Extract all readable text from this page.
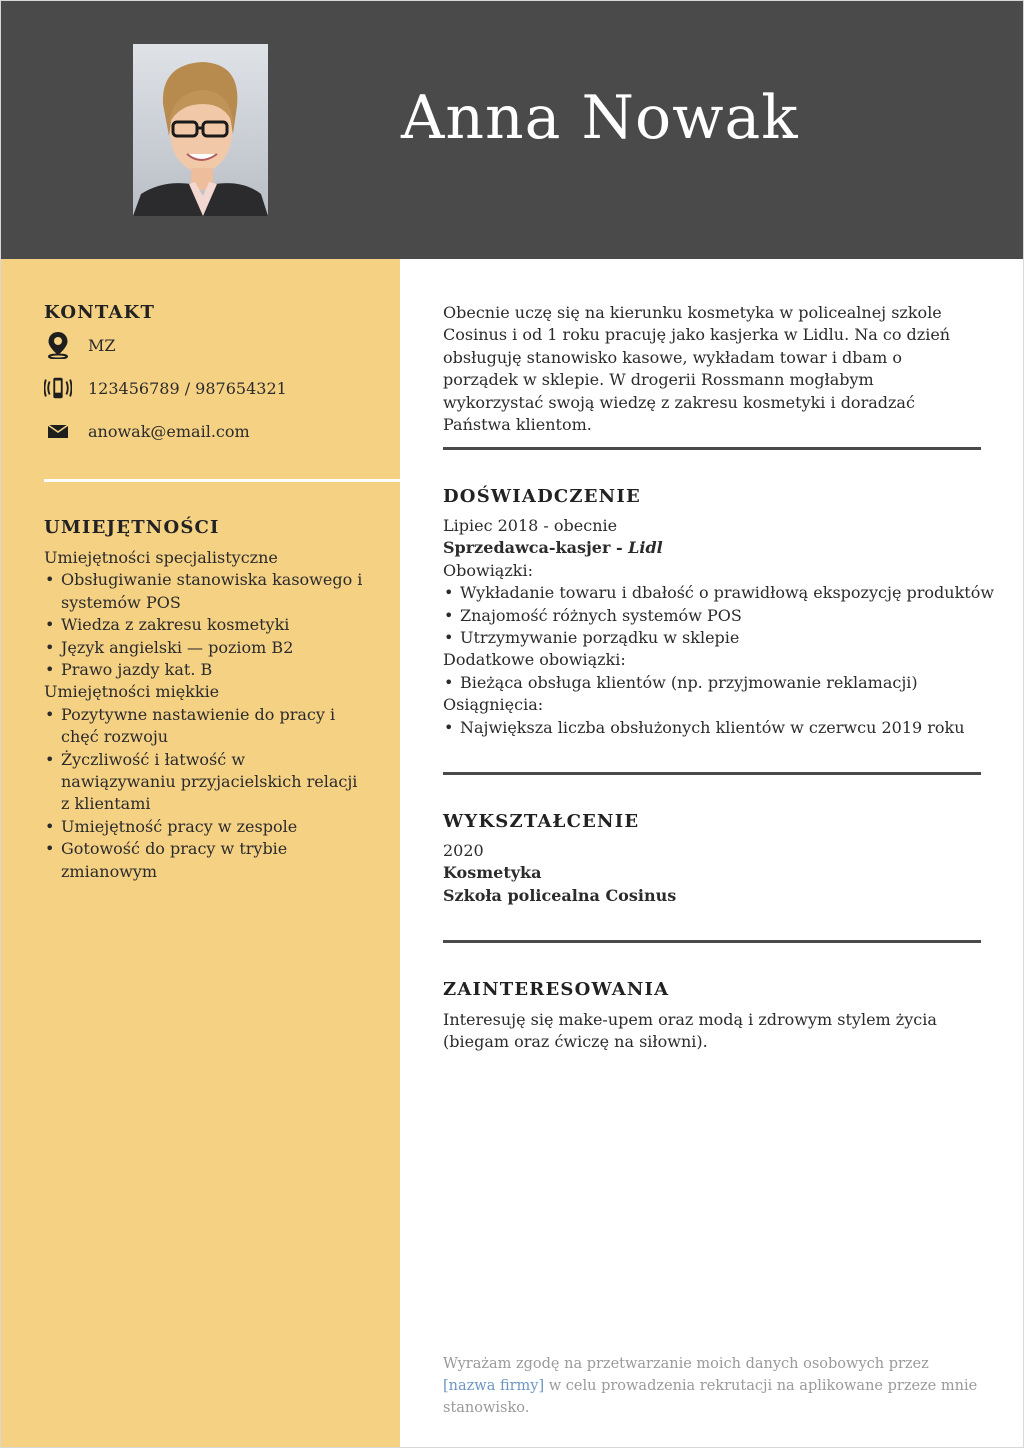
Anna Nowak
KONTAKT
MZ
123456789 / 987654321
anowak@email.com
UMIEJĘTNOŚCI
Umiejętności specjalistyczne
• Obsługiwanie stanowiska kasowego i systemów POS
• Wiedza z zakresu kosmetyki
• Język angielski — poziom B2
• Prawo jazdy kat. B
Umiejętności miękkie
• Pozytywne nastawienie do pracy i chęć rozwoju
• Życzliwość i łatwość w nawiązywaniu przyjacielskich relacji z klientami
• Umiejętność pracy w zespole
• Gotowość do pracy w trybie zmianowym
Obecnie uczę się na kierunku kosmetyka w policealnej szkole Cosinus i od 1 roku pracuję jako kasjerka w Lidlu. Na co dzień obsługuję stanowisko kasowe, wykładam towar i dbam o porządek w sklepie. W drogerii Rossmann mogłabym wykorzystać swoją wiedzę z zakresu kosmetyki i doradzać Państwa klientom.
DOŚWIADCZENIE
Lipiec 2018 - obecnie
Sprzedawca-kasjer - Lidl
Obowiązki:
• Wykładanie towaru i dbałość o prawidłową ekspozycję produktów
• Znajomość różnych systemów POS
• Utrzymywanie porządku w sklepie
Dodatkowe obowiązki:
• Bieżąca obsługa klientów (np. przyjmowanie reklamacji)
Osiągnięcia:
• Największa liczba obsłużonych klientów w czerwcu 2019 roku
WYKSZTAŁCENIE
2020
Kosmetyka
Szkoła policealna Cosinus
ZAINTERESOWANIA
Interesuję się make-upem oraz modą i zdrowym stylem życia (biegam oraz ćwiczę na siłowni).
Wyrażam zgodę na przetwarzanie moich danych osobowych przez [nazwa firmy] w celu prowadzenia rekrutacji na aplikowane przeze mnie stanowisko.
